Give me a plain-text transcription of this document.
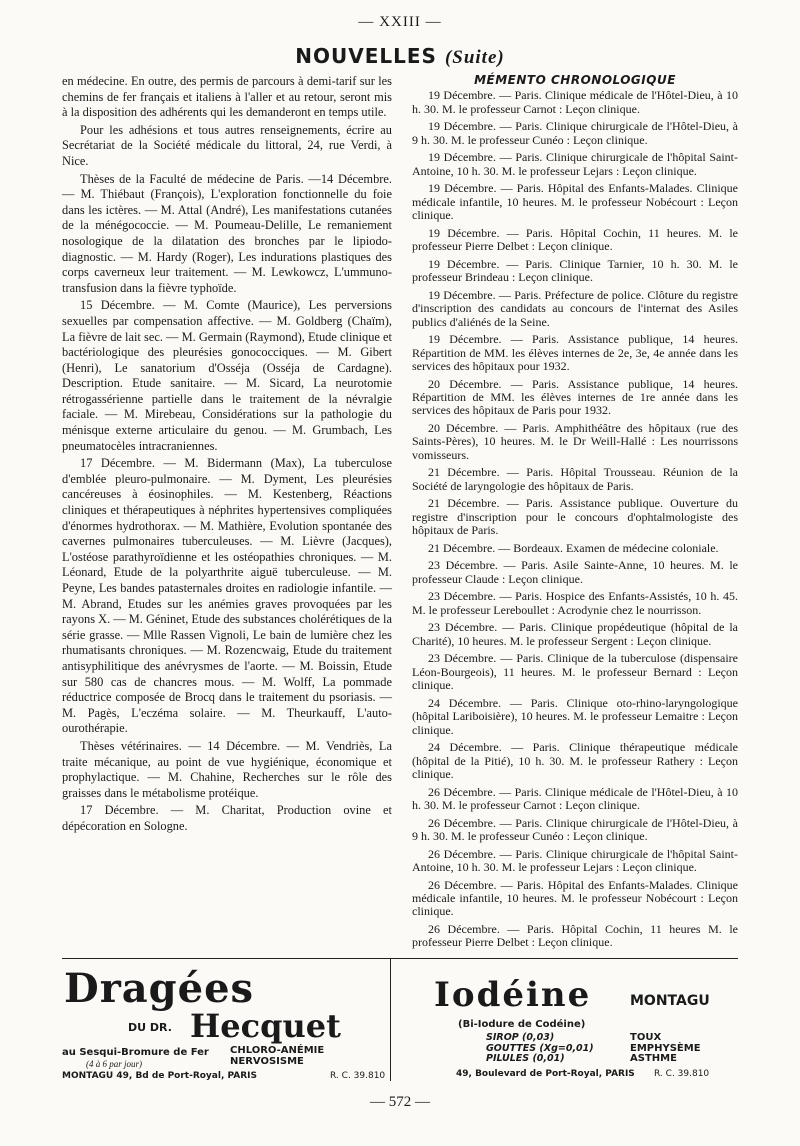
— XXIII —
NOUVELLES (Suite)

en médecine. En outre, des permis de parcours à demi-tarif sur les chemins de fer français et italiens à l'aller et au retour, seront mis à la disposition des adhérents qui les demanderont en temps utile.

Pour les adhésions et tous autres renseignements, écrire au Secrétariat de la Société médicale du littoral, 24, rue Verdi, à Nice.

Thèses de la Faculté de médecine de Paris. —14 Décembre. — M. Thiébaut (François), L'exploration fonctionnelle du foie dans les ictères. — M. Attal (André), Les manifestations cutanées de la ménégococcie. — M. Poumeau-Delille, Le remaniement nosologique de la dilatation des bronches par le lipiodo-diagnostic. — M. Hardy (Roger), Les indurations plastiques des corps caverneux leur traitement. — M. Lewkowcz, L'ummuno-transfusion dans la fièvre typhoïde.

15 Décembre. — M. Comte (Maurice), Les perversions sexuelles par compensation affective. — M. Goldberg (Chaïm), La fièvre de lait sec. — M. Germain (Raymond), Etude clinique et bactériologique des pleurésies gonococciques. — M. Gibert (Henri), Le sanatorium d'Osséja (Osséja de Cardagne). Description. Etude sanitaire. — M. Sicard, La neurotomie rétrogassérienne partielle dans le traitement de la névralgie faciale. — M. Mirebeau, Considérations sur la pathologie du ménisque externe articulaire du genou. — M. Grumbach, Les pneumatocèles intracraniennes.

17 Décembre. — M. Bidermann (Max), La tuberculose d'emblée pleuro-pulmonaire. — M. Dyment, Les pleurésies cancéreuses à éosinophiles. — M. Kestenberg, Réactions cliniques et thérapeutiques à néphrites hypertensives compliquées d'énormes hydrothorax. — M. Mathière, Evolution spontanée des cavernes pulmonaires tuberculeuses. — M. Lièvre (Jacques), L'ostéose parathyroïdienne et les ostéopathies chroniques. — M. Léonard, Etude de la polyarthrite aiguë tuberculeuse. — M. Peyne, Les bandes patasternales droites en radiologie infantile. — M. Abrand, Etudes sur les anémies graves provoquées par les rayons X. — M. Géninet, Etude des substances cholérétiques de la série grasse. — Mlle Rassen Vignoli, Le bain de lumière chez les rhumatisants chroniques. — M. Rozencwaig, Etude du traitement antisyphilitique des anévrysmes de l'aorte. — M. Boissin, Etude sur 580 cas de chancres mous. — M. Wolff, La pommade réductrice composée de Brocq dans le traitement du psoriasis. — M. Pagès, L'eczéma solaire. — M. Theurkauff, L'auto-ourothérapie.

Thèses vétérinaires. — 14 Décembre. — M. Vendriès, La traite mécanique, au point de vue hygiénique, économique et prophylactique. — M. Chahine, Recherches sur le rôle des graisses dans le métabolisme protéique.

17 Décembre. — M. Charitat, Production ovine et dépécoration en Sologne.

MÉMENTO CHRONOLOGIQUE

19 Décembre. — Paris. Clinique médicale de l'Hôtel-Dieu, à 10 h. 30. M. le professeur Carnot : Leçon clinique.

19 Décembre. — Paris. Clinique chirurgicale de l'Hôtel-Dieu, à 9 h. 30. M. le professeur Cunéo : Leçon clinique.

19 Décembre. — Paris. Clinique chirurgicale de l'hôpital Saint-Antoine, 10 h. 30. M. le professeur Lejars : Leçon clinique.

19 Décembre. — Paris. Hôpital des Enfants-Malades. Clinique médicale infantile, 10 heures. M. le professeur Nobécourt : Leçon clinique.

19 Décembre. — Paris. Hôpital Cochin, 11 heures. M. le professeur Pierre Delbet : Leçon clinique.

19 Décembre. — Paris. Clinique Tarnier, 10 h. 30. M. le professeur Brindeau : Leçon clinique.

19 Décembre. — Paris. Préfecture de police. Clôture du registre d'inscription des candidats au concours de l'internat des Asiles publics d'aliénés de la Seine.

19 Décembre. — Paris. Assistance publique, 14 heures. Répartition de MM. les élèves internes de 2e, 3e, 4e année dans les services des hôpitaux pour 1932.

20 Décembre. — Paris. Assistance publique, 14 heures. Répartition de MM. les élèves internes de 1re année dans les services des hôpitaux de Paris pour 1932.

20 Décembre. — Paris. Amphithéâtre des hôpitaux (rue des Saints-Pères), 10 heures. M. le Dr Weill-Hallé : Les nourrissons vomisseurs.

21 Décembre. — Paris. Hôpital Trousseau. Réunion de la Société de laryngologie des hôpitaux de Paris.

21 Décembre. — Paris. Assistance publique. Ouverture du registre d'inscription pour le concours d'ophtalmologiste des hôpitaux de Paris.

21 Décembre. — Bordeaux. Examen de médecine coloniale.

23 Décembre. — Paris. Asile Sainte-Anne, 10 heures. M. le professeur Claude : Leçon clinique.

23 Décembre. — Paris. Hospice des Enfants-Assistés, 10 h. 45. M. le professeur Lereboullet : Acrodynie chez le nourrisson.

23 Décembre. — Paris. Clinique propédeutique (hôpital de la Charité), 10 heures. M. le professeur Sergent : Leçon clinique.

23 Décembre. — Paris. Clinique de la tuberculose (dispensaire Léon-Bourgeois), 11 heures. M. le professeur Bernard : Leçon clinique.

24 Décembre. — Paris. Clinique oto-rhino-laryngologique (hôpital Lariboisière), 10 heures. M. le professeur Lemaitre : Leçon clinique.

24 Décembre. — Paris. Clinique thérapeutique médicale (hôpital de la Pitié), 10 h. 30. M. le professeur Rathery : Leçon clinique.

26 Décembre. — Paris. Clinique médicale de l'Hôtel-Dieu, à 10 h. 30. M. le professeur Carnot : Leçon clinique.

26 Décembre. — Paris. Clinique chirurgicale de l'Hôtel-Dieu, à 9 h. 30. M. le professeur Cunéo : Leçon clinique.

26 Décembre. — Paris. Clinique chirurgicale de l'hôpital Saint-Antoine, 10 h. 30. M. le professeur Lejars : Leçon clinique.

26 Décembre. — Paris. Hôpital des Enfants-Malades. Clinique médicale infantile, 10 heures. M. le professeur Nobécourt : Leçon clinique.

26 Décembre. — Paris. Hôpital Cochin, 11 heures M. le professeur Pierre Delbet : Leçon clinique.

Dragées
DU DR. Hecquet
au Sesqui-Bromure de Fer
(4 à 6 par jour)
CHLORO-ANÉMIE
NERVOSISME
MONTAGU 49, Bd de Port-Royal, PARIS	R. C. 39.810
Iodéine	MONTAGU
(Bi-Iodure de Codéine)
SIROP (0,03)
GOUTTES (Xg=0,01)
PILULES (0,01)
TOUX
EMPHYSÈME
ASTHME
49, Boulevard de Port-Royal, PARIS R. C. 39.810
— 572 —
